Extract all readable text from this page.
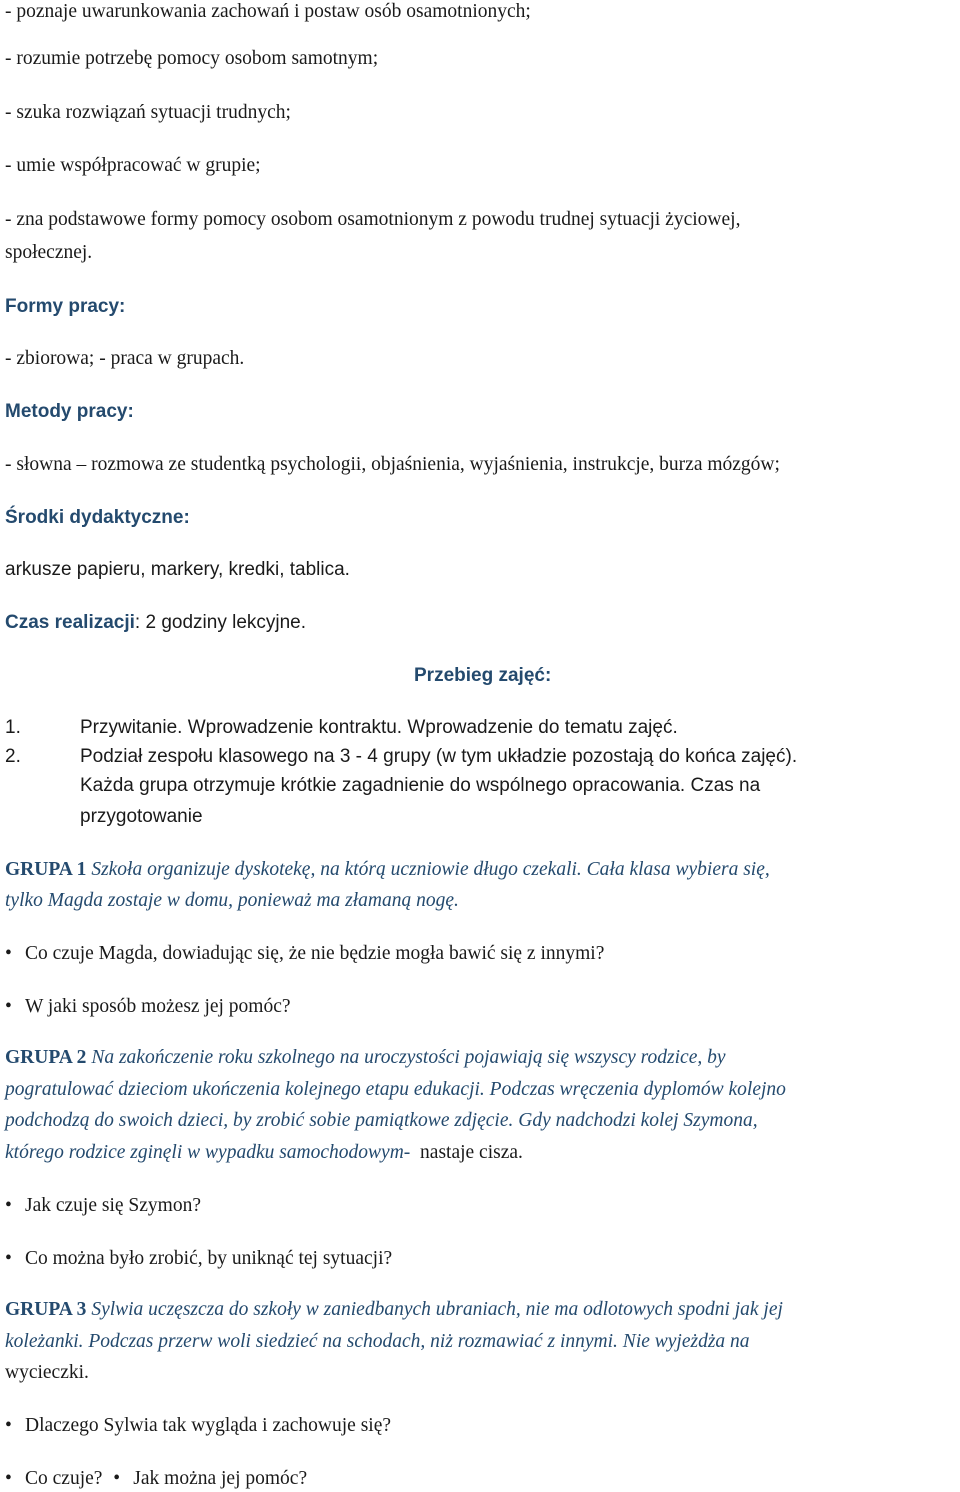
- poznaje uwarunkowania zachowań i postaw osób osamotnionych;
- rozumie potrzebę pomocy osobom samotnym;
- szuka rozwiązań sytuacji trudnych;
- umie współpracować w grupie;
- zna podstawowe formy pomocy osobom osamotnionym z powodu trudnej sytuacji życiowej,
społecznej.
Formy pracy:
- zbiorowa; - praca w grupach.
Metody pracy:
- słowna – rozmowa ze studentką psychologii, objaśnienia, wyjaśnienia, instrukcje, burza mózgów;
Środki dydaktyczne:
arkusze papieru, markery, kredki, tablica.
Czas realizacji: 2 godziny lekcyjne.
Przebieg zajęć:
1.	Przywitanie. Wprowadzenie kontraktu. Wprowadzenie do tematu zajęć.
2.	Podział zespołu klasowego na 3 - 4 grupy (w tym układzie pozostają do końca zajęć).
Każda grupa otrzymuje krótkie zagadnienie do wspólnego opracowania. Czas na
przygotowanie
GRUPA 1 Szkoła organizuje dyskotekę, na którą uczniowie długo czekali. Cała klasa wybiera się,
tylko Magda zostaje w domu, ponieważ ma złamaną nogę.
• Co czuje Magda, dowiadując się, że nie będzie mogła bawić się z innymi?
• W jaki sposób możesz jej pomóc?
GRUPA 2 Na zakończenie roku szkolnego na uroczystości pojawiają się wszyscy rodzice, by
pogratulować dzieciom ukończenia kolejnego etapu edukacji. Podczas wręczenia dyplomów kolejno
podchodzą do swoich dzieci, by zrobić sobie pamiątkowe zdjęcie. Gdy nadchodzi kolej Szymona,
którego rodzice zginęli w wypadku samochodowym-  nastaje cisza.
• Jak czuje się Szymon?
• Co można było zrobić, by uniknąć tej sytuacji?
GRUPA 3 Sylwia uczęszcza do szkoły w zaniedbanych ubraniach, nie ma odlotowych spodni jak jej
koleżanki. Podczas przerw woli siedzieć na schodach, niż rozmawiać z innymi. Nie wyjeżdża na
wycieczki.
• Dlaczego Sylwia tak wygląda i zachowuje się?
• Co czuje? • Jak można jej pomóc?
